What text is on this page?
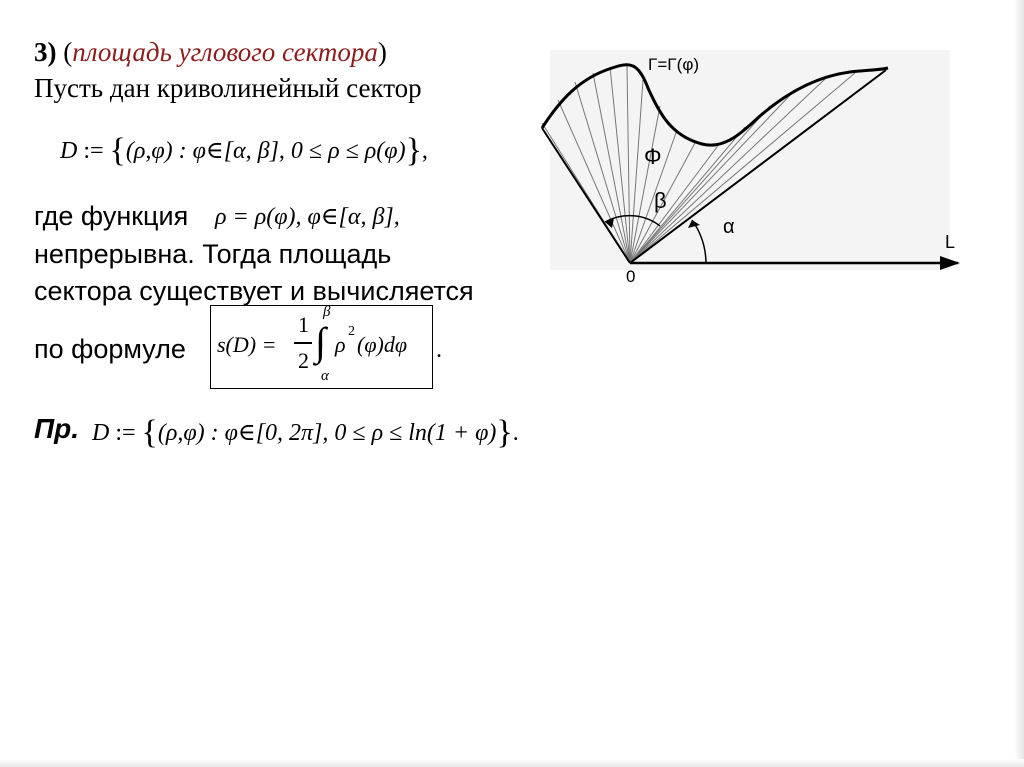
3) (площадь углового сектора)
Пусть дан криволинейный сектор
D := {(ρ,φ) : φ∈[α, β], 0 ≤ ρ ≤ ρ(φ)},
где функция ρ = ρ(φ), φ∈[α, β],
непрерывна. Тогда площадь
сектора существует и вычисляется
по формуле s(D) =
1
2 ∫
β
α
ρ
2
(φ)dφ .
Пр. D := {(ρ,φ) : φ∈[0, 2π], 0 ≤ ρ ≤ ln(1 + φ)}.
Γ=Γ(φ)
Φ
β
α
L
0
